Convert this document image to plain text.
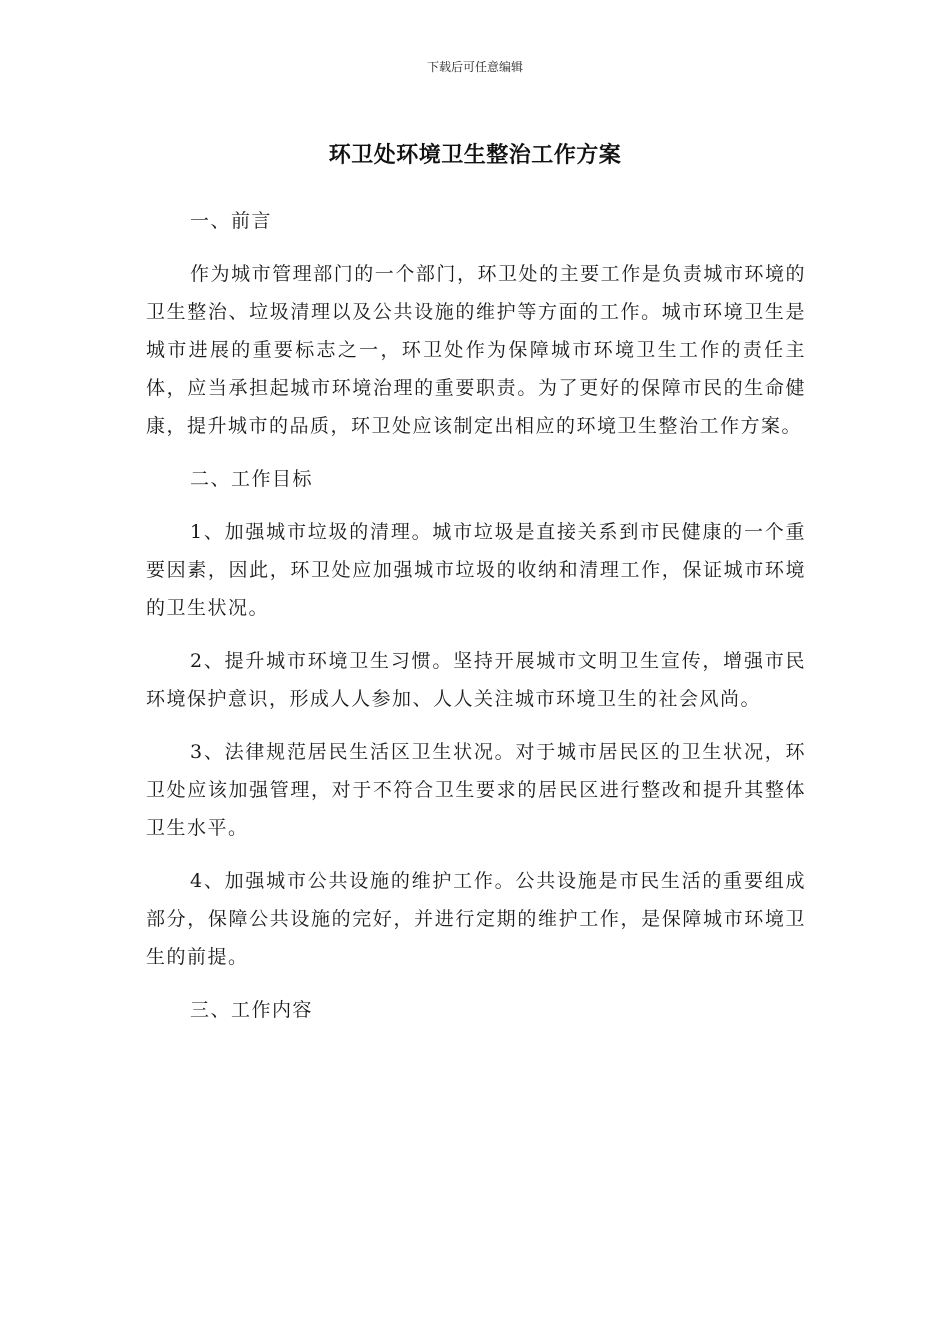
下载后可任意编辑
环卫处环境卫生整治工作方案

一、前言

作为城市管理部门的一个部门，环卫处的主要工作是负责城市环境的卫生整治、垃圾清理以及公共设施的维护等方面的工作。城市环境卫生是城市进展的重要标志之一，环卫处作为保障城市环境卫生工作的责任主体，应当承担起城市环境治理的重要职责。为了更好的保障市民的生命健康，提升城市的品质，环卫处应该制定出相应的环境卫生整治工作方案。

二、工作目标

1、加强城市垃圾的清理。城市垃圾是直接关系到市民健康的一个重要因素，因此，环卫处应加强城市垃圾的收纳和清理工作，保证城市环境的卫生状况。

2、提升城市环境卫生习惯。坚持开展城市文明卫生宣传，增强市民环境保护意识，形成人人参加、人人关注城市环境卫生的社会风尚。

3、法律规范居民生活区卫生状况。对于城市居民区的卫生状况，环卫处应该加强管理，对于不符合卫生要求的居民区进行整改和提升其整体卫生水平。

4、加强城市公共设施的维护工作。公共设施是市民生活的重要组成部分，保障公共设施的完好，并进行定期的维护工作，是保障城市环境卫生的前提。

三、工作内容
